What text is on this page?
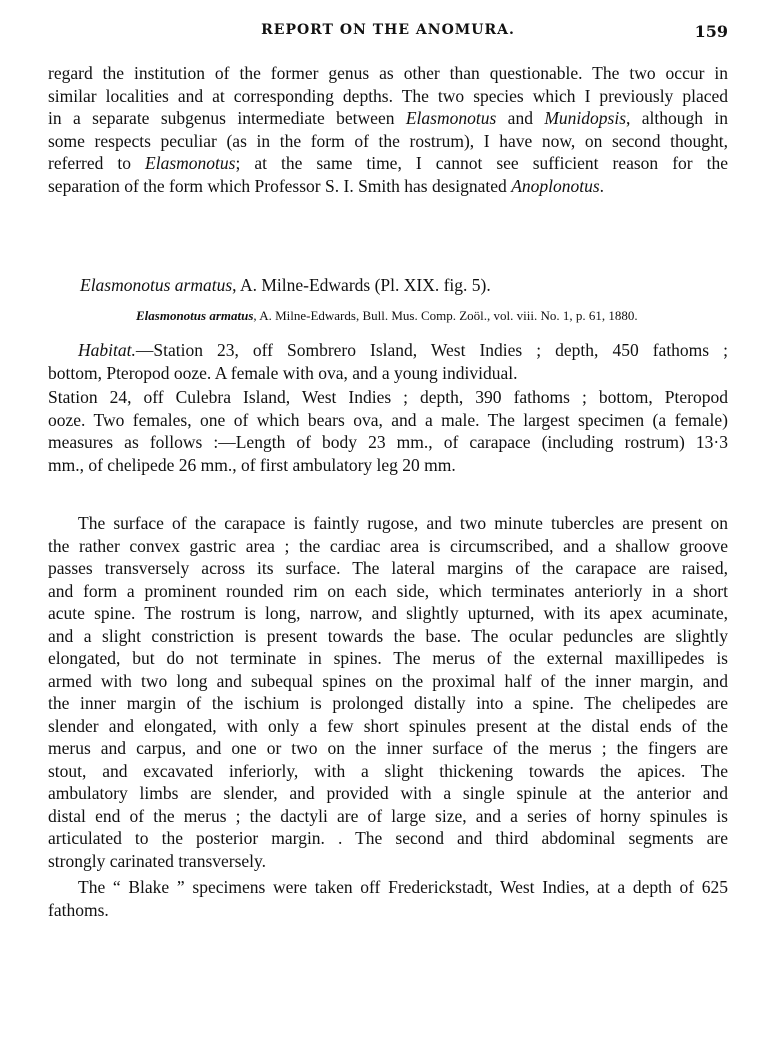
REPORT ON THE ANOMURA.	159
regard the institution of the former genus as other than questionable. The two occur in
similar localities and at corresponding depths. The two species which I previously placed
in a separate subgenus intermediate between Elasmonotus and Munidopsis, although in
some respects peculiar (as in the form of the rostrum), I have now, on second thought,
referred to Elasmonotus; at the same time, I cannot see sufficient reason for the
separation of the form which Professor S. I. Smith has designated Anoplonotus.
Elasmonotus armatus, A. Milne-Edwards (Pl. XIX. fig. 5).
Elasmonotus armatus, A. Milne-Edwards, Bull. Mus. Comp. Zoöl., vol. viii. No. 1, p. 61, 1880.
Habitat.—Station 23, off Sombrero Island, West Indies ; depth, 450 fathoms ;
bottom, Pteropod ooze. A female with ova, and a young individual.
Station 24, off Culebra Island, West Indies ; depth, 390 fathoms ; bottom, Pteropod
ooze. Two females, one of which bears ova, and a male. The largest specimen (a female)
measures as follows :—Length of body 23 mm., of carapace (including rostrum) 13·3
mm., of chelipede 26 mm., of first ambulatory leg 20 mm.
The surface of the carapace is faintly rugose, and two minute tubercles are present on
the rather convex gastric area ; the cardiac area is circumscribed, and a shallow groove
passes transversely across its surface. The lateral margins of the carapace are raised,
and form a prominent rounded rim on each side, which terminates anteriorly in a short
acute spine. The rostrum is long, narrow, and slightly upturned, with its apex acuminate,
and a slight constriction is present towards the base. The ocular peduncles are slightly
elongated, but do not terminate in spines. The merus of the external maxillipedes is
armed with two long and subequal spines on the proximal half of the inner margin, and
the inner margin of the ischium is prolonged distally into a spine. The chelipedes are
slender and elongated, with only a few short spinules present at the distal ends of the
merus and carpus, and one or two on the inner surface of the merus ; the fingers are
stout, and excavated inferiorly, with a slight thickening towards the apices. The
ambulatory limbs are slender, and provided with a single spinule at the anterior and
distal end of the merus ; the dactyli are of large size, and a series of horny spinules is
articulated to the posterior margin. . The second and third abdominal segments are
strongly carinated transversely.
The “ Blake ” specimens were taken off Frederickstadt, West Indies, at a depth of 625
fathoms.
